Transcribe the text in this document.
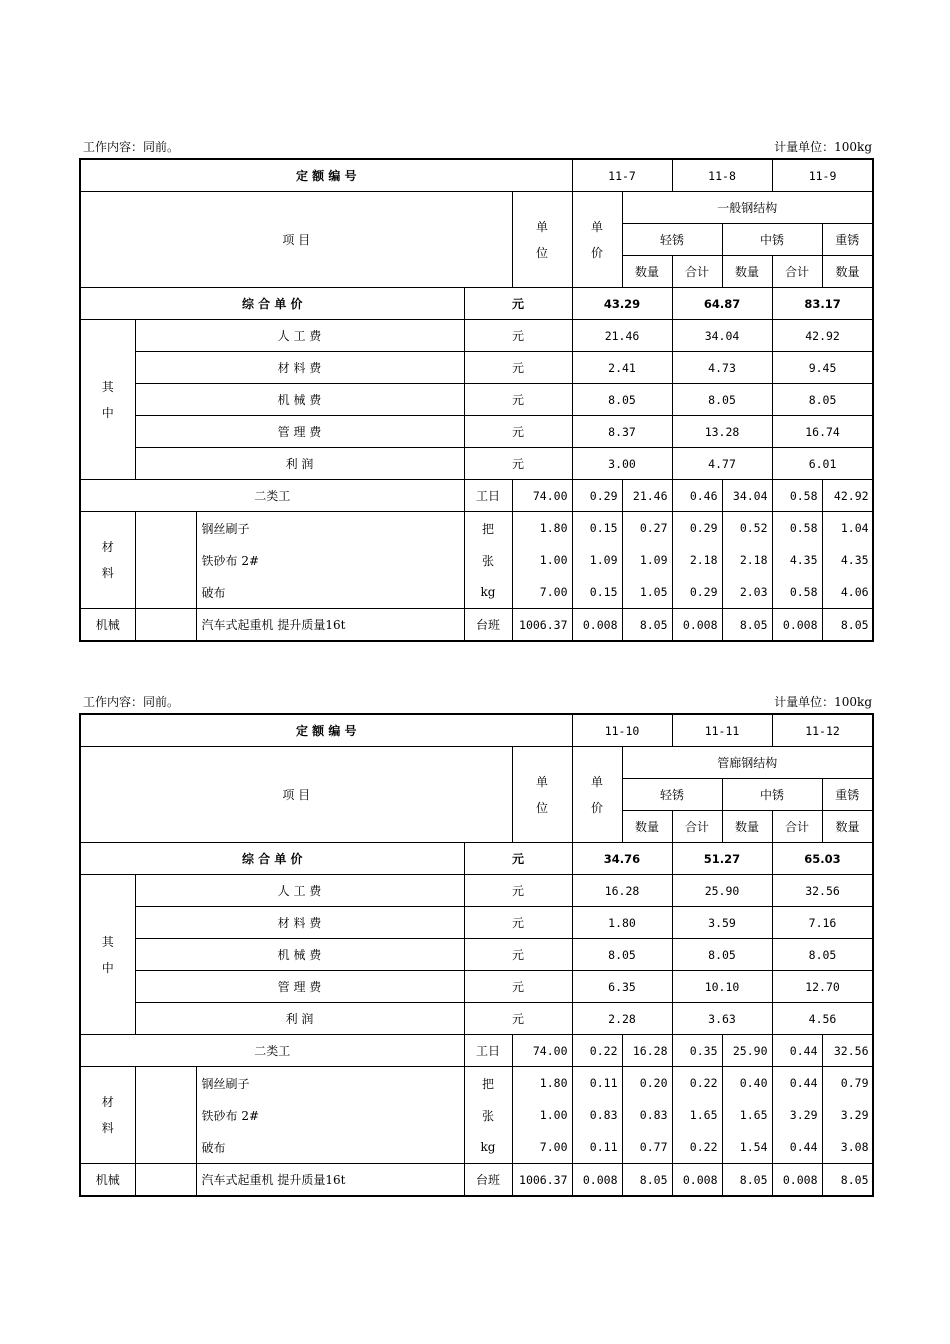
工作内容：同前。	计量单位：100kg
定 额 编 号					11-7		11-8		11-9		
项 目				单位	单价	一般钢结构					
						轻锈		中锈		重锈	
						数量	合计	数量	合计	数量	
综 合 单 价			元		43.29		64.87		83.17		
其中	人 工 费		元		21.46		34.04		42.92		
	材 料 费		元		2.41		4.73		9.45		
	机 械 费		元		8.05		8.05		8.05		
	管 理 费		元		8.37		13.28		16.74		
	利 润		元		3.00		4.77		6.01		
二类工			工日	74.00	0.29	21.46	0.46	34.04	0.58	42.92	
材料		钢丝刷子	把	1.80	0.15	0.27	0.29	0.52	0.58	1.04	
		铁砂布 2#	张	1.00	1.09	1.09	2.18	2.18	4.35	4.35	
		破布	kg	7.00	0.15	1.05	0.29	2.03	0.58	4.06	
机械		汽车式起重机 提升质量16t	台班	1006.37	0.008	8.05	0.008	8.05	0.008	8.05	
工作内容：同前。	计量单位：100kg
定 额 编 号					11-10		11-11		11-12		
项 目				单位	单价	管廊钢结构					
						轻锈		中锈		重锈	
						数量	合计	数量	合计	数量	
综 合 单 价			元		34.76		51.27		65.03		
其中	人 工 费		元		16.28		25.90		32.56		
	材 料 费		元		1.80		3.59		7.16		
	机 械 费		元		8.05		8.05		8.05		
	管 理 费		元		6.35		10.10		12.70		
	利 润		元		2.28		3.63		4.56		
二类工			工日	74.00	0.22	16.28	0.35	25.90	0.44	32.56	
材料		钢丝刷子	把	1.80	0.11	0.20	0.22	0.40	0.44	0.79	
		铁砂布 2#	张	1.00	0.83	0.83	1.65	1.65	3.29	3.29	
		破布	kg	7.00	0.11	0.77	0.22	1.54	0.44	3.08	
机械		汽车式起重机 提升质量16t	台班	1006.37	0.008	8.05	0.008	8.05	0.008	8.05	
